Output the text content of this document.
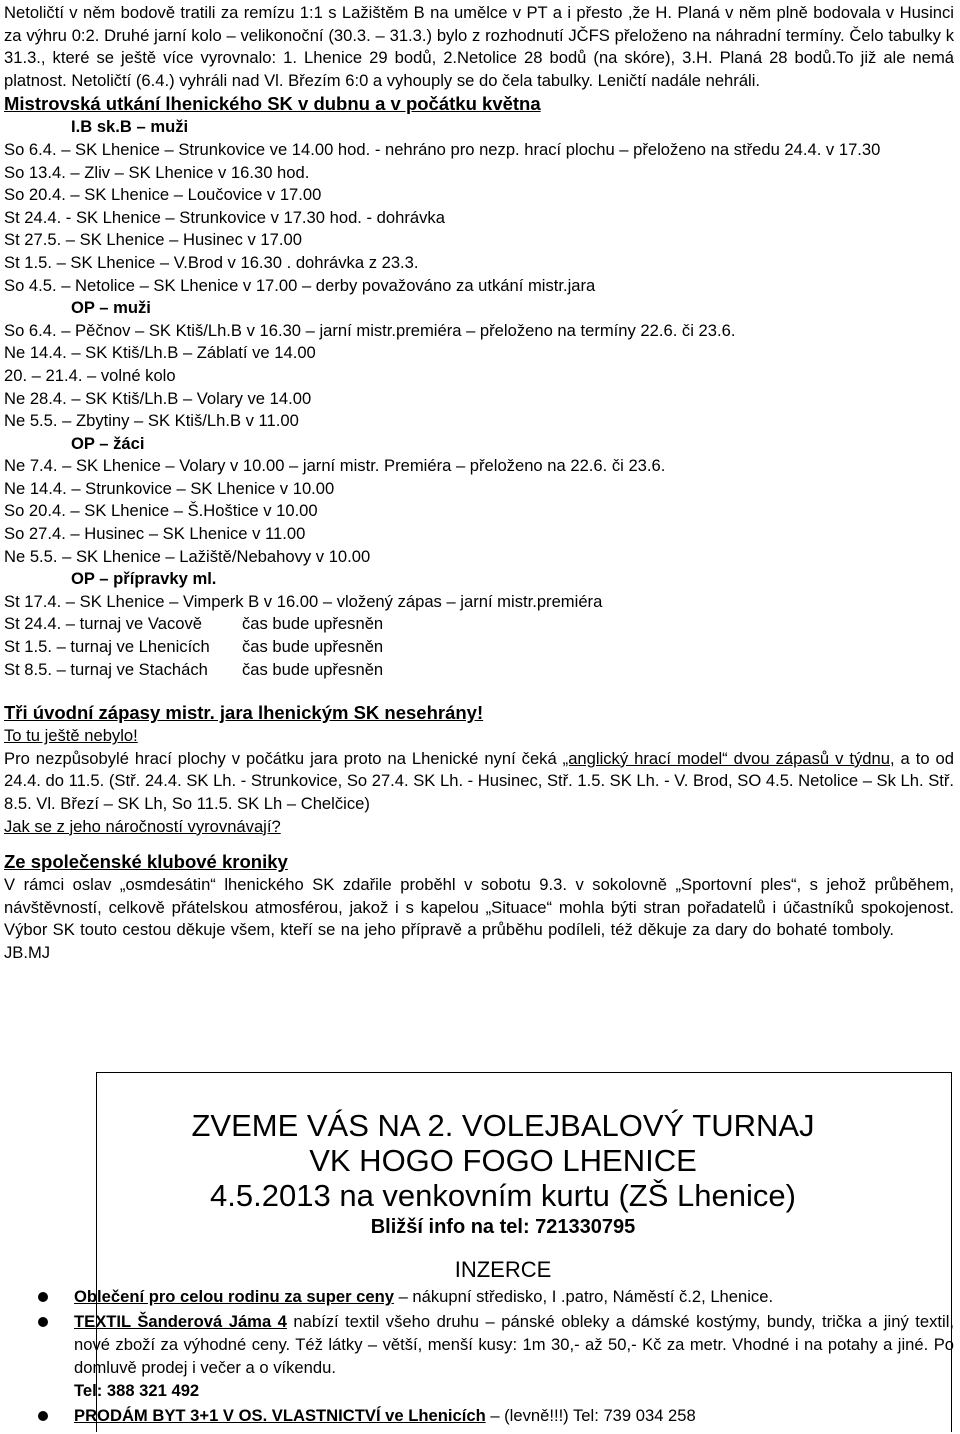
Netoličtí v něm bodově tratili za remízu 1:1 s Lažištěm B na umělce v PT a i přesto ,že H. Planá v něm plně bodovala v Husinci za výhru 0:2. Druhé jarní kolo – velikonoční (30.3. – 31.3.) bylo z rozhodnutí JČFS přeloženo na náhradní termíny. Čelo tabulky k 31.3., které se ještě více vyrovnalo: 1. Lhenice 29 bodů, 2.Netolice 28 bodů (na skóre), 3.H. Planá 28 bodů.To již ale nemá platnost. Netoličtí (6.4.) vyhráli nad Vl. Březím 6:0 a vyhouply se do čela tabulky. Leničtí nadále nehráli.
Mistrovská utkání lhenického SK v dubnu a v počátku května
I.B sk.B – muži
So 6.4. – SK Lhenice – Strunkovice ve 14.00 hod. - nehráno pro nezp. hrací plochu – přeloženo na středu 24.4. v 17.30
So 13.4. – Zliv – SK Lhenice v 16.30 hod.
So 20.4. – SK Lhenice – Loučovice v 17.00
St 24.4. - SK Lhenice – Strunkovice v 17.30 hod. - dohrávka
St 27.5. – SK Lhenice – Husinec v 17.00
St 1.5. – SK Lhenice – V.Brod v 16.30 . dohrávka z 23.3.
So 4.5. – Netolice – SK Lhenice v 17.00 – derby považováno za utkání mistr.jara
OP – muži
So 6.4. – Pěčnov – SK Ktiš/Lh.B v 16.30 – jarní mistr.premiéra – přeloženo na termíny 22.6. či 23.6.
Ne 14.4. – SK Ktiš/Lh.B – Záblatí ve 14.00
20. – 21.4. – volné kolo
Ne 28.4. – SK Ktiš/Lh.B – Volary ve 14.00
Ne 5.5. – Zbytiny – SK Ktiš/Lh.B v 11.00
OP – žáci
Ne 7.4. – SK Lhenice – Volary v 10.00 – jarní mistr. Premiéra – přeloženo na 22.6. či 23.6.
Ne 14.4. – Strunkovice – SK Lhenice v 10.00
So 20.4. – SK Lhenice – Š.Hoštice v 10.00
So 27.4. – Husinec – SK Lhenice v 11.00
Ne 5.5. – SK Lhenice – Lažiště/Nebahovy v 10.00
OP – přípravky ml.
St 17.4. – SK Lhenice – Vimperk B v 16.00 – vložený zápas – jarní mistr.premiéra
St 24.4. – turnaj ve Vacově čas bude upřesněn
St 1.5. – turnaj ve Lhenicích čas bude upřesněn
St 8.5. – turnaj ve Stachách čas bude upřesněn
Tři úvodní zápasy mistr. jara lhenickým SK nesehrány!
To tu ještě nebylo!
Pro nezpůsobylé hrací plochy v počátku jara proto na Lhenické nyní čeká „anglický hrací model“ dvou zápasů v týdnu, a to od 24.4. do 11.5. (Stř. 24.4. SK Lh. - Strunkovice, So 27.4. SK Lh. - Husinec, Stř. 1.5. SK Lh. - V. Brod, SO 4.5. Netolice – Sk Lh. Stř. 8.5. Vl. Březí – SK Lh, So 11.5. SK Lh – Chelčice)
Jak se z jeho náročností vyrovnávají?
Ze společenské klubové kroniky
V rámci oslav „osmdesátin“ lhenického SK zdařile proběhl v sobotu 9.3. v sokolovně „Sportovní ples“, s jehož průběhem, návštěvností, celkově přátelskou atmosférou, jakož i s kapelou „Situace“ mohla býti stran pořadatelů i účastníků spokojenost. Výbor SK touto cestou děkuje všem, kteří se na jeho přípravě a průběhu podíleli, též děkuje za dary do bohaté tomboly.JB.MJ
ZVEME VÁS NA 2. VOLEJBALOVÝ TURNAJ
VK HOGO FOGO LHENICE
4.5.2013 na venkovním kurtu (ZŠ Lhenice)
Bližší info na tel: 721330795
INZERCE
Oblečení pro celou rodinu za super ceny – nákupní středisko, I .patro, Náměstí č.2, Lhenice.
TEXTIL Šanderová Jáma 4 nabízí textil všeho druhu – pánské obleky a dámské kostýmy, bundy, trička a jiný textil, nové zboží za výhodné ceny. Též látky – větší, menší kusy: 1m 30,- až 50,- Kč za metr. Vhodné i na potahy a jiné. Po domluvě prodej i večer a o víkendu.
Tel: 388 321 492
PRODÁM BYT 3+1 V OS. VLASTNICTVÍ ve Lhenicích – (levně!!!) Tel: 739 034 258
